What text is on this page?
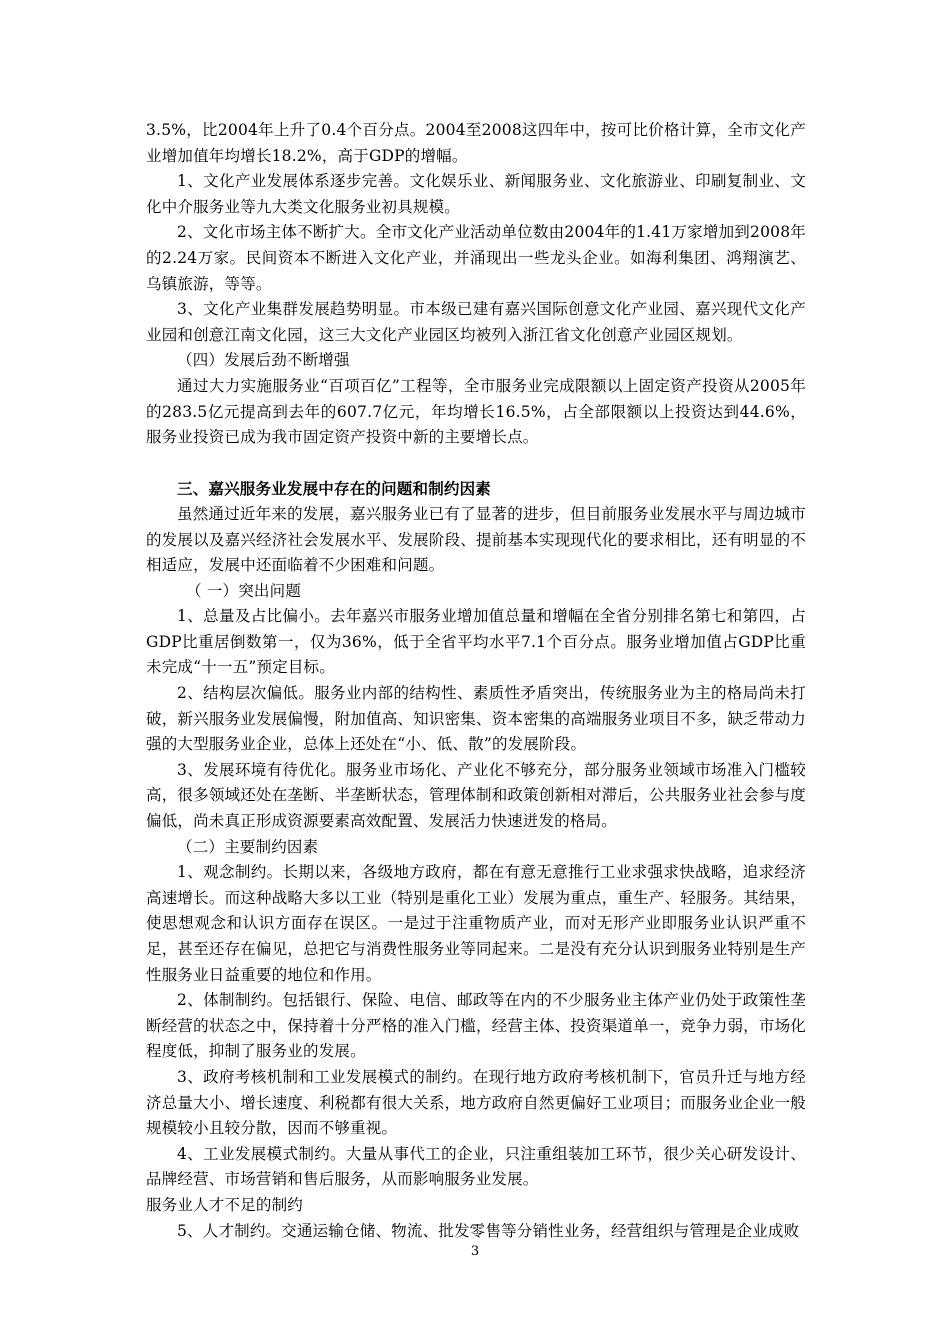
3.5%，比2004年上升了0.4个百分点。2004至2008这四年中，按可比价格计算，全市文化产业增加值年均增长18.2%，高于GDP的增幅。

1、文化产业发展体系逐步完善。文化娱乐业、新闻服务业、文化旅游业、印刷复制业、文化中介服务业等九大类文化服务业初具规模。

2、文化市场主体不断扩大。全市文化产业活动单位数由2004年的1.41万家增加到2008年的2.24万家。民间资本不断进入文化产业，并涌现出一些龙头企业。如海利集团、鸿翔演艺、乌镇旅游，等等。

3、文化产业集群发展趋势明显。市本级已建有嘉兴国际创意文化产业园、嘉兴现代文化产业园和创意江南文化园，这三大文化产业园区均被列入浙江省文化创意产业园区规划。

（四）发展后劲不断增强

通过大力实施服务业“百项百亿”工程等，全市服务业完成限额以上固定资产投资从2005年的283.5亿元提高到去年的607.7亿元，年均增长16.5%，占全部限额以上投资达到44.6%，服务业投资已成为我市固定资产投资中新的主要增长点。

三、嘉兴服务业发展中存在的问题和制约因素

虽然通过近年来的发展，嘉兴服务业已有了显著的进步，但目前服务业发展水平与周边城市的发展以及嘉兴经济社会发展水平、发展阶段、提前基本实现现代化的要求相比，还有明显的不相适应，发展中还面临着不少困难和问题。

（ 一）突出问题

1、总量及占比偏小。去年嘉兴市服务业增加值总量和增幅在全省分别排名第七和第四，占GDP比重居倒数第一，仅为36%，低于全省平均水平7.1个百分点。服务业增加值占GDP比重未完成“十一五”预定目标。

2、结构层次偏低。服务业内部的结构性、素质性矛盾突出，传统服务业为主的格局尚未打破，新兴服务业发展偏慢，附加值高、知识密集、资本密集的高端服务业项目不多，缺乏带动力强的大型服务业企业，总体上还处在“小、低、散”的发展阶段。

3、发展环境有待优化。服务业市场化、产业化不够充分，部分服务业领域市场准入门槛较高，很多领域还处在垄断、半垄断状态，管理体制和政策创新相对滞后，公共服务业社会参与度偏低，尚未真正形成资源要素高效配置、发展活力快速迸发的格局。

（二）主要制约因素

1、观念制约。长期以来，各级地方政府，都在有意无意推行工业求强求快战略，追求经济高速增长。而这种战略大多以工业（特别是重化工业）发展为重点，重生产、轻服务。其结果，使思想观念和认识方面存在误区。一是过于注重物质产业，而对无形产业即服务业认识严重不足，甚至还存在偏见，总把它与消费性服务业等同起来。二是没有充分认识到服务业特别是生产性服务业日益重要的地位和作用。

2、体制制约。包括银行、保险、电信、邮政等在内的不少服务业主体产业仍处于政策性垄断经营的状态之中，保持着十分严格的准入门槛，经营主体、投资渠道单一，竞争力弱，市场化程度低，抑制了服务业的发展。

3、政府考核机制和工业发展模式的制约。在现行地方政府考核机制下，官员升迁与地方经济总量大小、增长速度、利税都有很大关系，地方政府自然更偏好工业项目；而服务业企业一般规模较小且较分散，因而不够重视。

4、工业发展模式制约。大量从事代工的企业，只注重组装加工环节，很少关心研发设计、品牌经营、市场营销和售后服务，从而影响服务业发展。

服务业人才不足的制约

5、人才制约。交通运输仓储、物流、批发零售等分销性业务，经营组织与管理是企业成败

3
